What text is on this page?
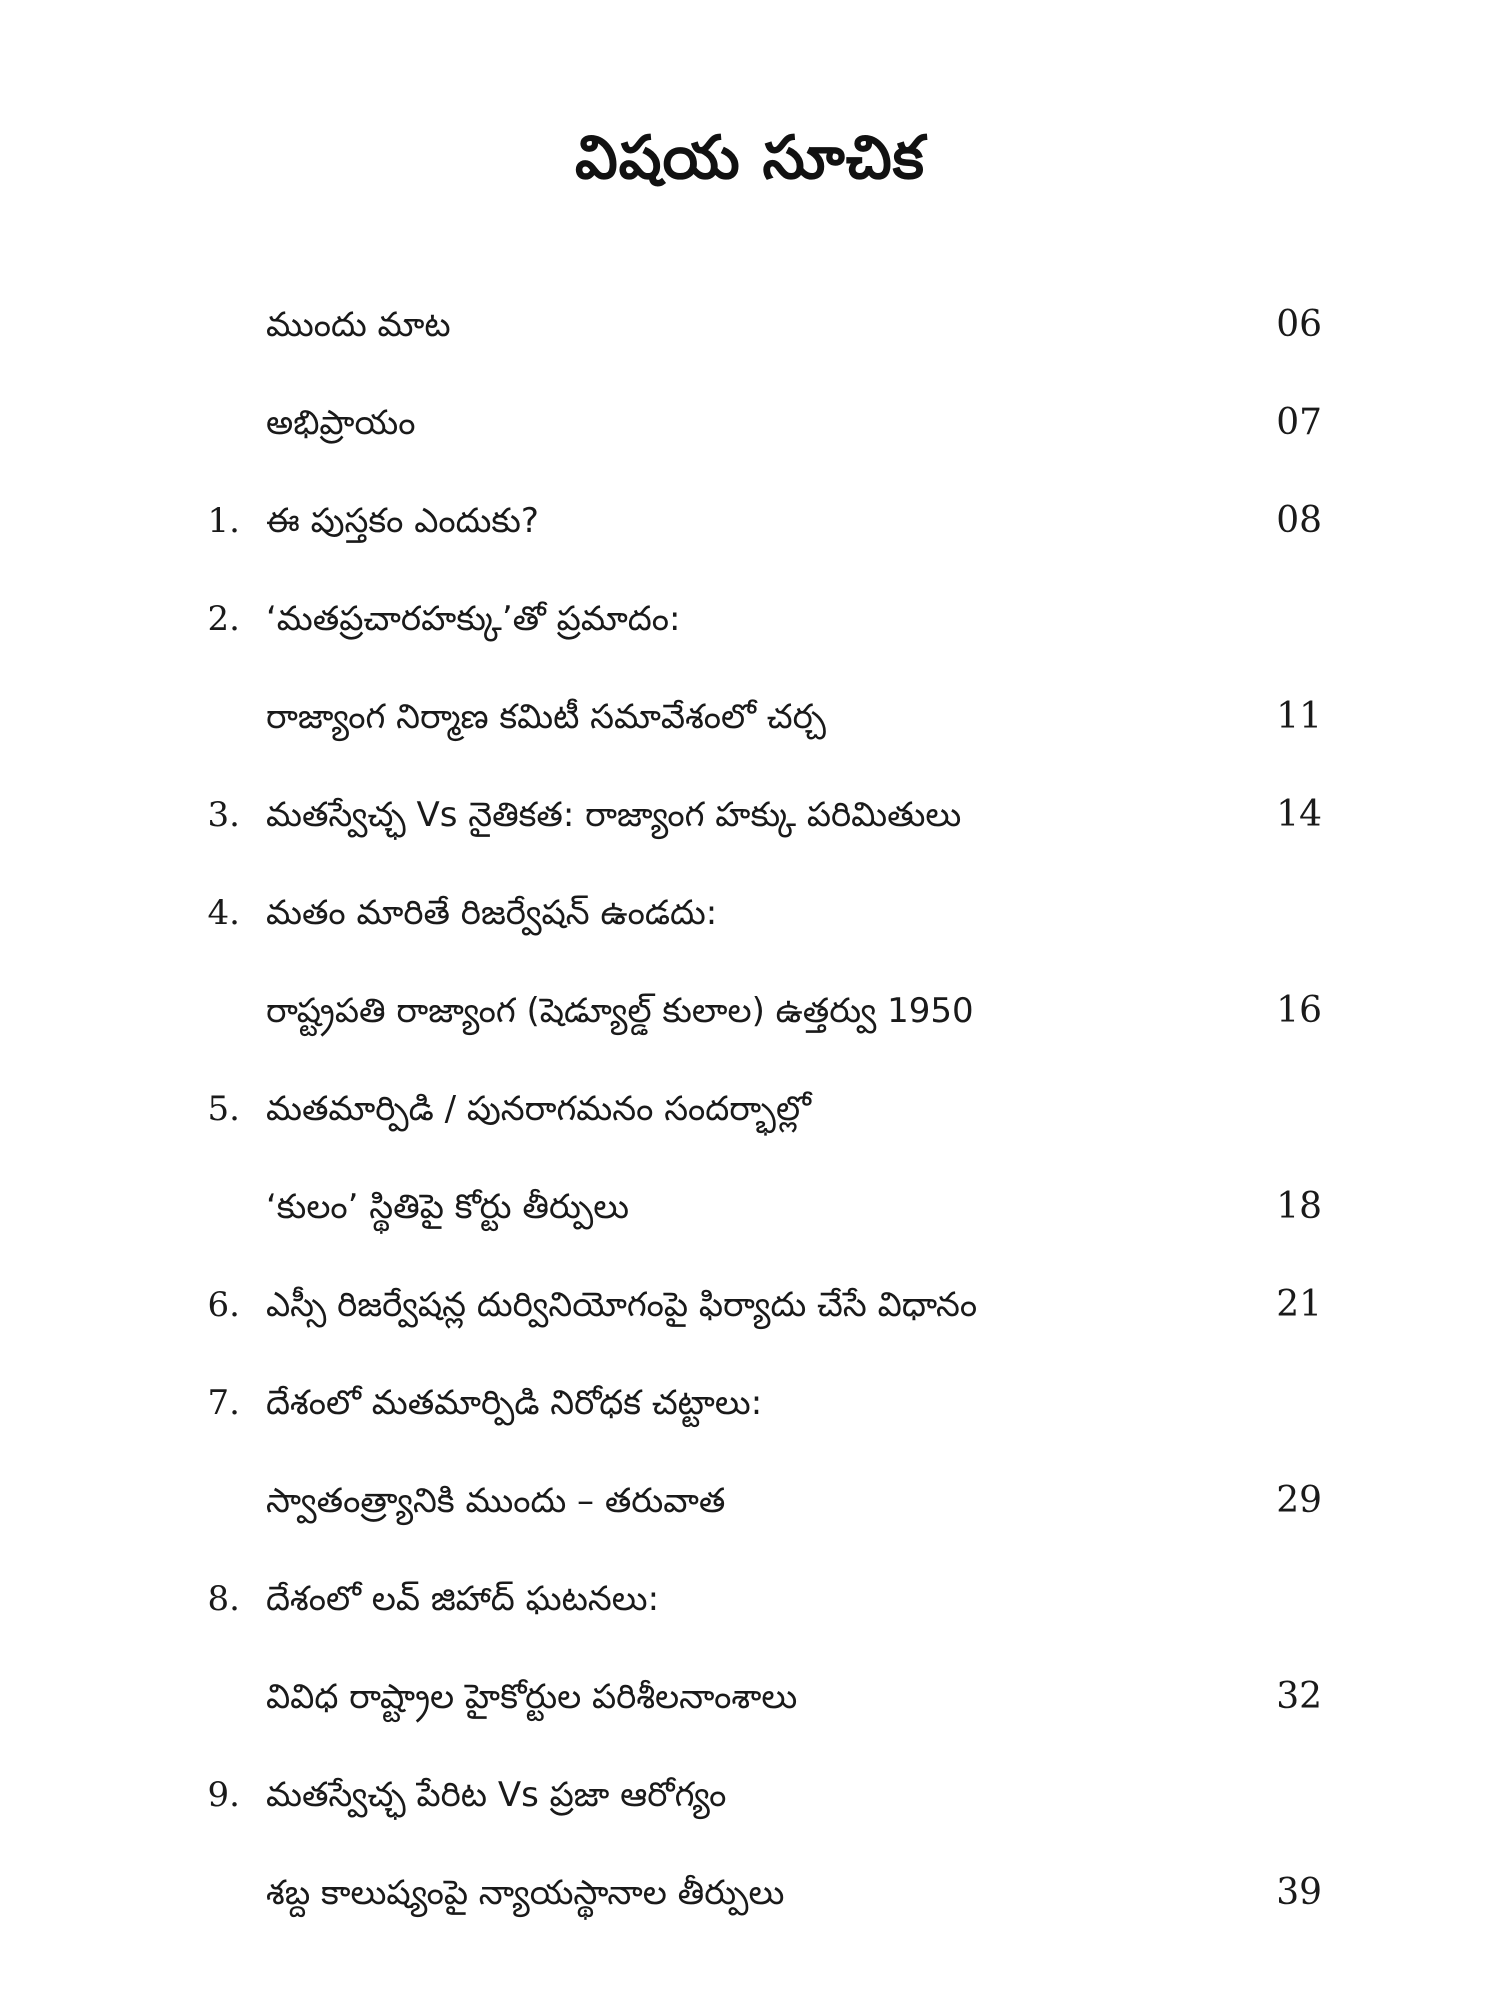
విషయ సూచిక
ముందు మాట	06
అభిప్రాయం	07
1. ఈ పుస్తకం ఎందుకు?	08
2. ‘మతప్రచారహక్కు’తో ప్రమాదం:
రాజ్యాంగ నిర్మాణ కమిటీ సమావేశంలో చర్చ	11
3. మతస్వేచ్ఛ Vs నైతికత: రాజ్యాంగ హక్కు పరిమితులు	14
4. మతం మారితే రిజర్వేషన్ ఉండదు:
రాష్ట్రపతి రాజ్యాంగ (షెడ్యూల్డ్ కులాల) ఉత్తర్వు 1950	16
5. మతమార్పిడి / పునరాగమనం సందర్భాల్లో
‘కులం’ స్థితిపై కోర్టు తీర్పులు	18
6. ఎస్సీ రిజర్వేషన్ల దుర్వినియోగంపై ఫిర్యాదు చేసే విధానం	21
7. దేశంలో మతమార్పిడి నిరోధక చట్టాలు:
స్వాతంత్ర్యానికి ముందు – తరువాత	29
8. దేశంలో లవ్ జిహాద్ ఘటనలు:
వివిధ రాష్ట్రాల హైకోర్టుల పరిశీలనాంశాలు	32
9. మతస్వేచ్ఛ పేరిట Vs ప్రజా ఆరోగ్యం
శబ్ద కాలుష్యంపై న్యాయస్థానాల తీర్పులు	39
